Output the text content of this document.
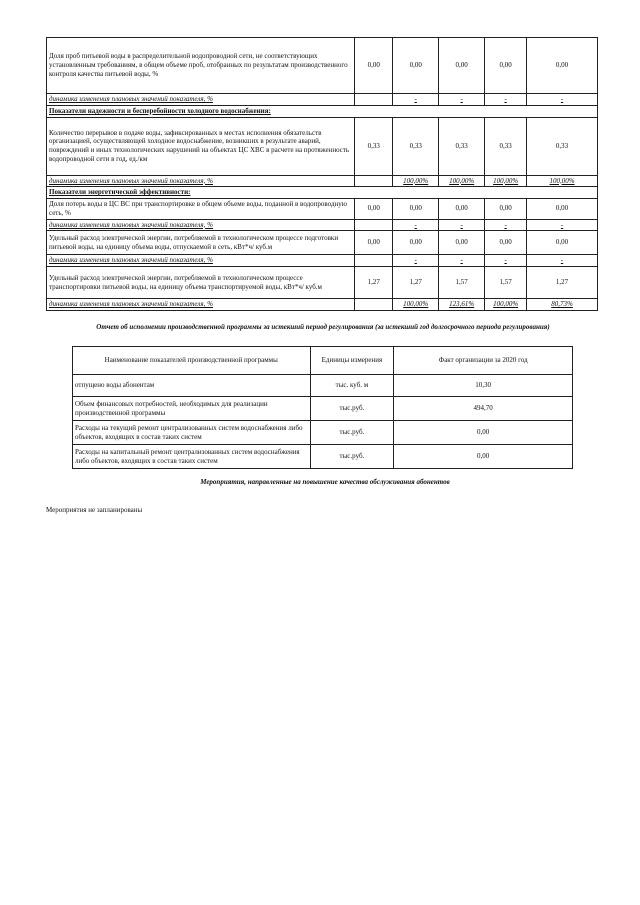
Доля проб питьевой воды в распределительной водопроводной сети, не соответствующих установленным требованиям, в общем объеме проб, отобранных по результатам производственного контроля качества питьевой воды, %	0,00	0,00	0,00	0,00	0,00
динамика изменения плановых значений показателя, %		-	-	-	-
Показатели надежности и бесперебойности холодного водоснабжения:					
Количество перерывов в подаче воды, зафиксированных в местах исполнения обязательств организацией, осуществляющей холодное водоснабжение, возникших в результате аварий, повреждений и иных технологических нарушений на объектах ЦС ХВС в расчете на протяженность водопроводной сети в год, ед./км	0,33	0,33	0,33	0,33	0,33
динамика изменения плановых значений показателя, %		100,00%	100,00%	100,00%	100,00%
Показатели энергетической эффективности:					
Доля потерь воды в ЦС ВС при транспортировке в общем объеме воды, поданной в водопроводную сеть, %	0,00	0,00	0,00	0,00	0,00
динамика изменения плановых значений показателя, %		-	-	-	-
Удельный расход электрической энергии, потребляемой в технологическом процессе подготовки питьевой воды, на единицу объема воды, отпускаемой в сеть, кВт*ч/ куб.м	0,00	0,00	0,00	0,00	0,00
динамика изменения плановых значений показателя, %		-	-	-	-
Удельный расход электрической энергии, потребляемой в технологическом процессе транспортировки питьевой воды, на единицу объема транспортируемой воды, кВт*ч/ куб.м	1,27	1,27	1,57	1,57	1,27
динамика изменения плановых значений показателя, %		100,00%	123,61%	100,00%	80,73%
Отчет об исполнении производственной программы за истекший период регулирования (за истекший год долгосрочного периода регулирования)
Наименование показателей производственной программы	Единицы измерения	Факт организации за 2020 год
отпущено воды абонентам	тыс. куб. м	10,30
Объем финансовых потребностей, необходимых для реализации производственной программы	тыс.руб.	494,70
Расходы на текущий ремонт централизованных систем водоснабжения либо объектов, входящих в состав таких систем	тыс.руб.	0,00
Расходы на капитальный ремонт централизованных систем водоснабжения либо объектов, входящих в состав таких систем	тыс.руб.	0,00
Мероприятия, направленные на повышение качества обслуживания абонентов
Мероприятия не запланированы
